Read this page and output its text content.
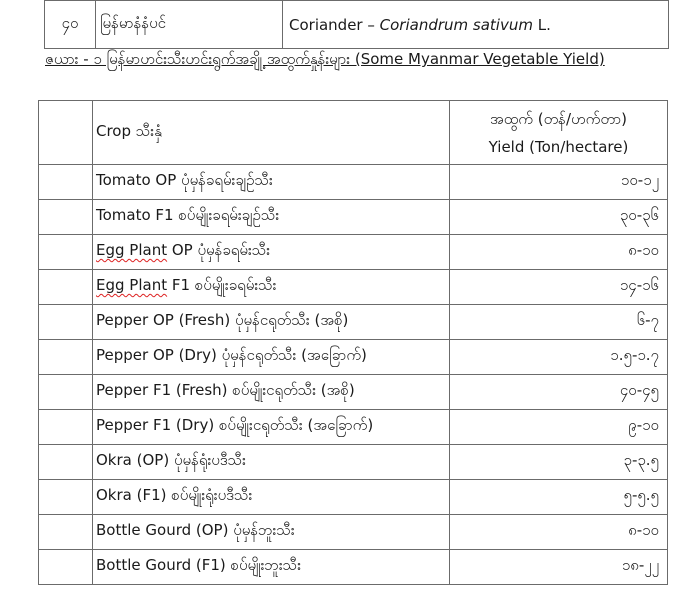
၄၀	မြန်မာနံနံပင်	Coriander – Coriandrum sativum L.
ဇယား - ၁ မြန်မာဟင်းသီးဟင်းရွက်အချို့ အထွက်နှုန်းများ (Some Myanmar Vegetable Yield)
	Crop သီးနှံ	အထွက် (တန်/ဟက်တာ)
Yield (Ton/hectare)

	Tomato OP ပုံမှန်ခရမ်းချဉ်သီး	၁၀-၁၂
	Tomato F1 စပ်မျိုးခရမ်းချဉ်သီး	၃၀-၃၆
	Egg Plant OP ပုံမှန်ခရမ်းသီး	၈-၁၀
	Egg Plant F1 စပ်မျိုးခရမ်းသီး	၁၄-၁၆
	Pepper OP (Fresh) ပုံမှန်ငရုတ်သီး (အစို)	၆-၇
	Pepper OP (Dry) ပုံမှန်ငရုတ်သီး (အခြောက်)	၁.၅-၁.၇
	Pepper F1 (Fresh) စပ်မျိုးငရုတ်သီး (အစို)	၄၀-၄၅
	Pepper F1 (Dry) စပ်မျိုးငရုတ်သီး (အခြောက်)	၉-၁၀
	Okra (OP) ပုံမှန်ရုံးပဒီသီး	၃-၃.၅
	Okra (F1) စပ်မျိုးရုံးပဒီသီး	၅-၅.၅
	Bottle Gourd (OP) ပုံမှန်ဘူးသီး	၈-၁၀
	Bottle Gourd (F1) စပ်မျိုးဘူးသီး	၁၈-၂၂
